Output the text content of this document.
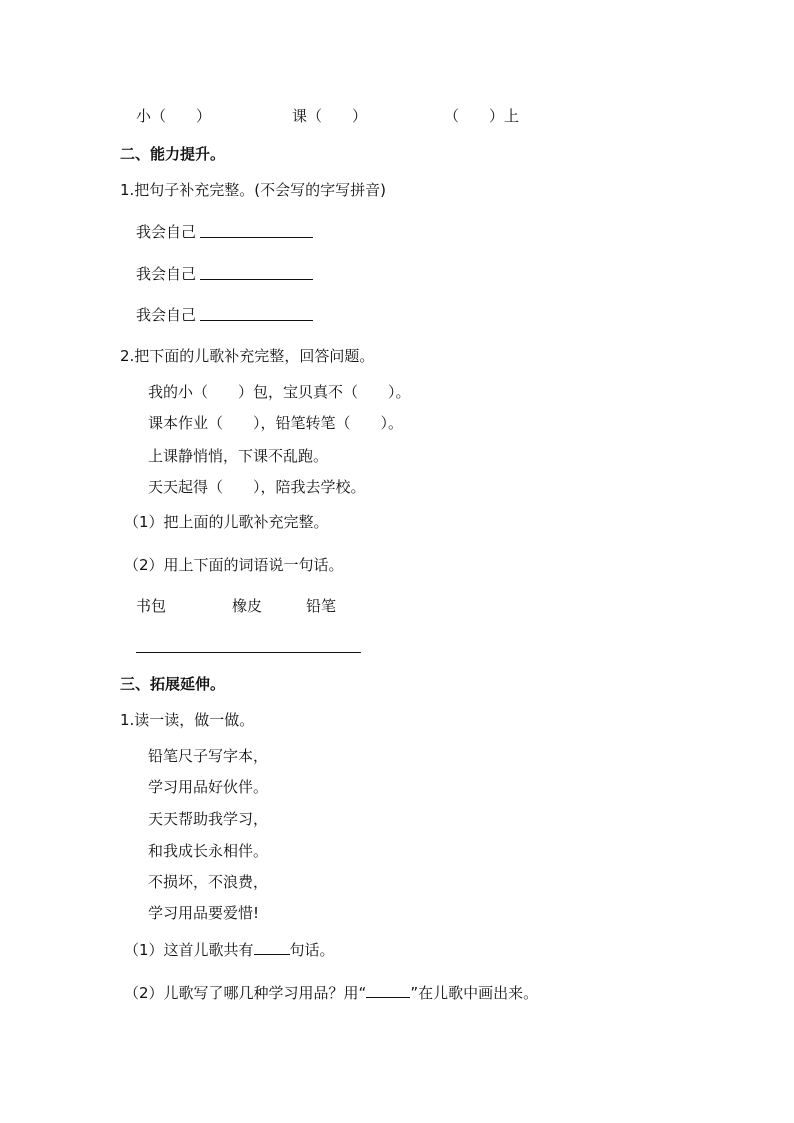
小（　　）	课（　　）	（　　）上
二、能力提升。
1.把句子补充完整。(不会写的字写拼音)
我会自己
我会自己
我会自己
2.把下面的儿歌补充完整，回答问题。
我的小（　　）包，宝贝真不（　　）。
课本作业（　　），铅笔转笔（　　）。
上课静悄悄，下课不乱跑。
天天起得（　　），陪我去学校。
（1）把上面的儿歌补充完整。
（2）用上下面的词语说一句话。
书包	橡皮	铅笔
三、拓展延伸。
1.读一读，做一做。
铅笔尺子写字本，
学习用品好伙伴。
天天帮助我学习，
和我成长永相伴。
不损坏，不浪费，
学习用品要爱惜!
（1）这首儿歌共有 句话。
（2）儿歌写了哪几种学习用品？用“	”在儿歌中画出来。
